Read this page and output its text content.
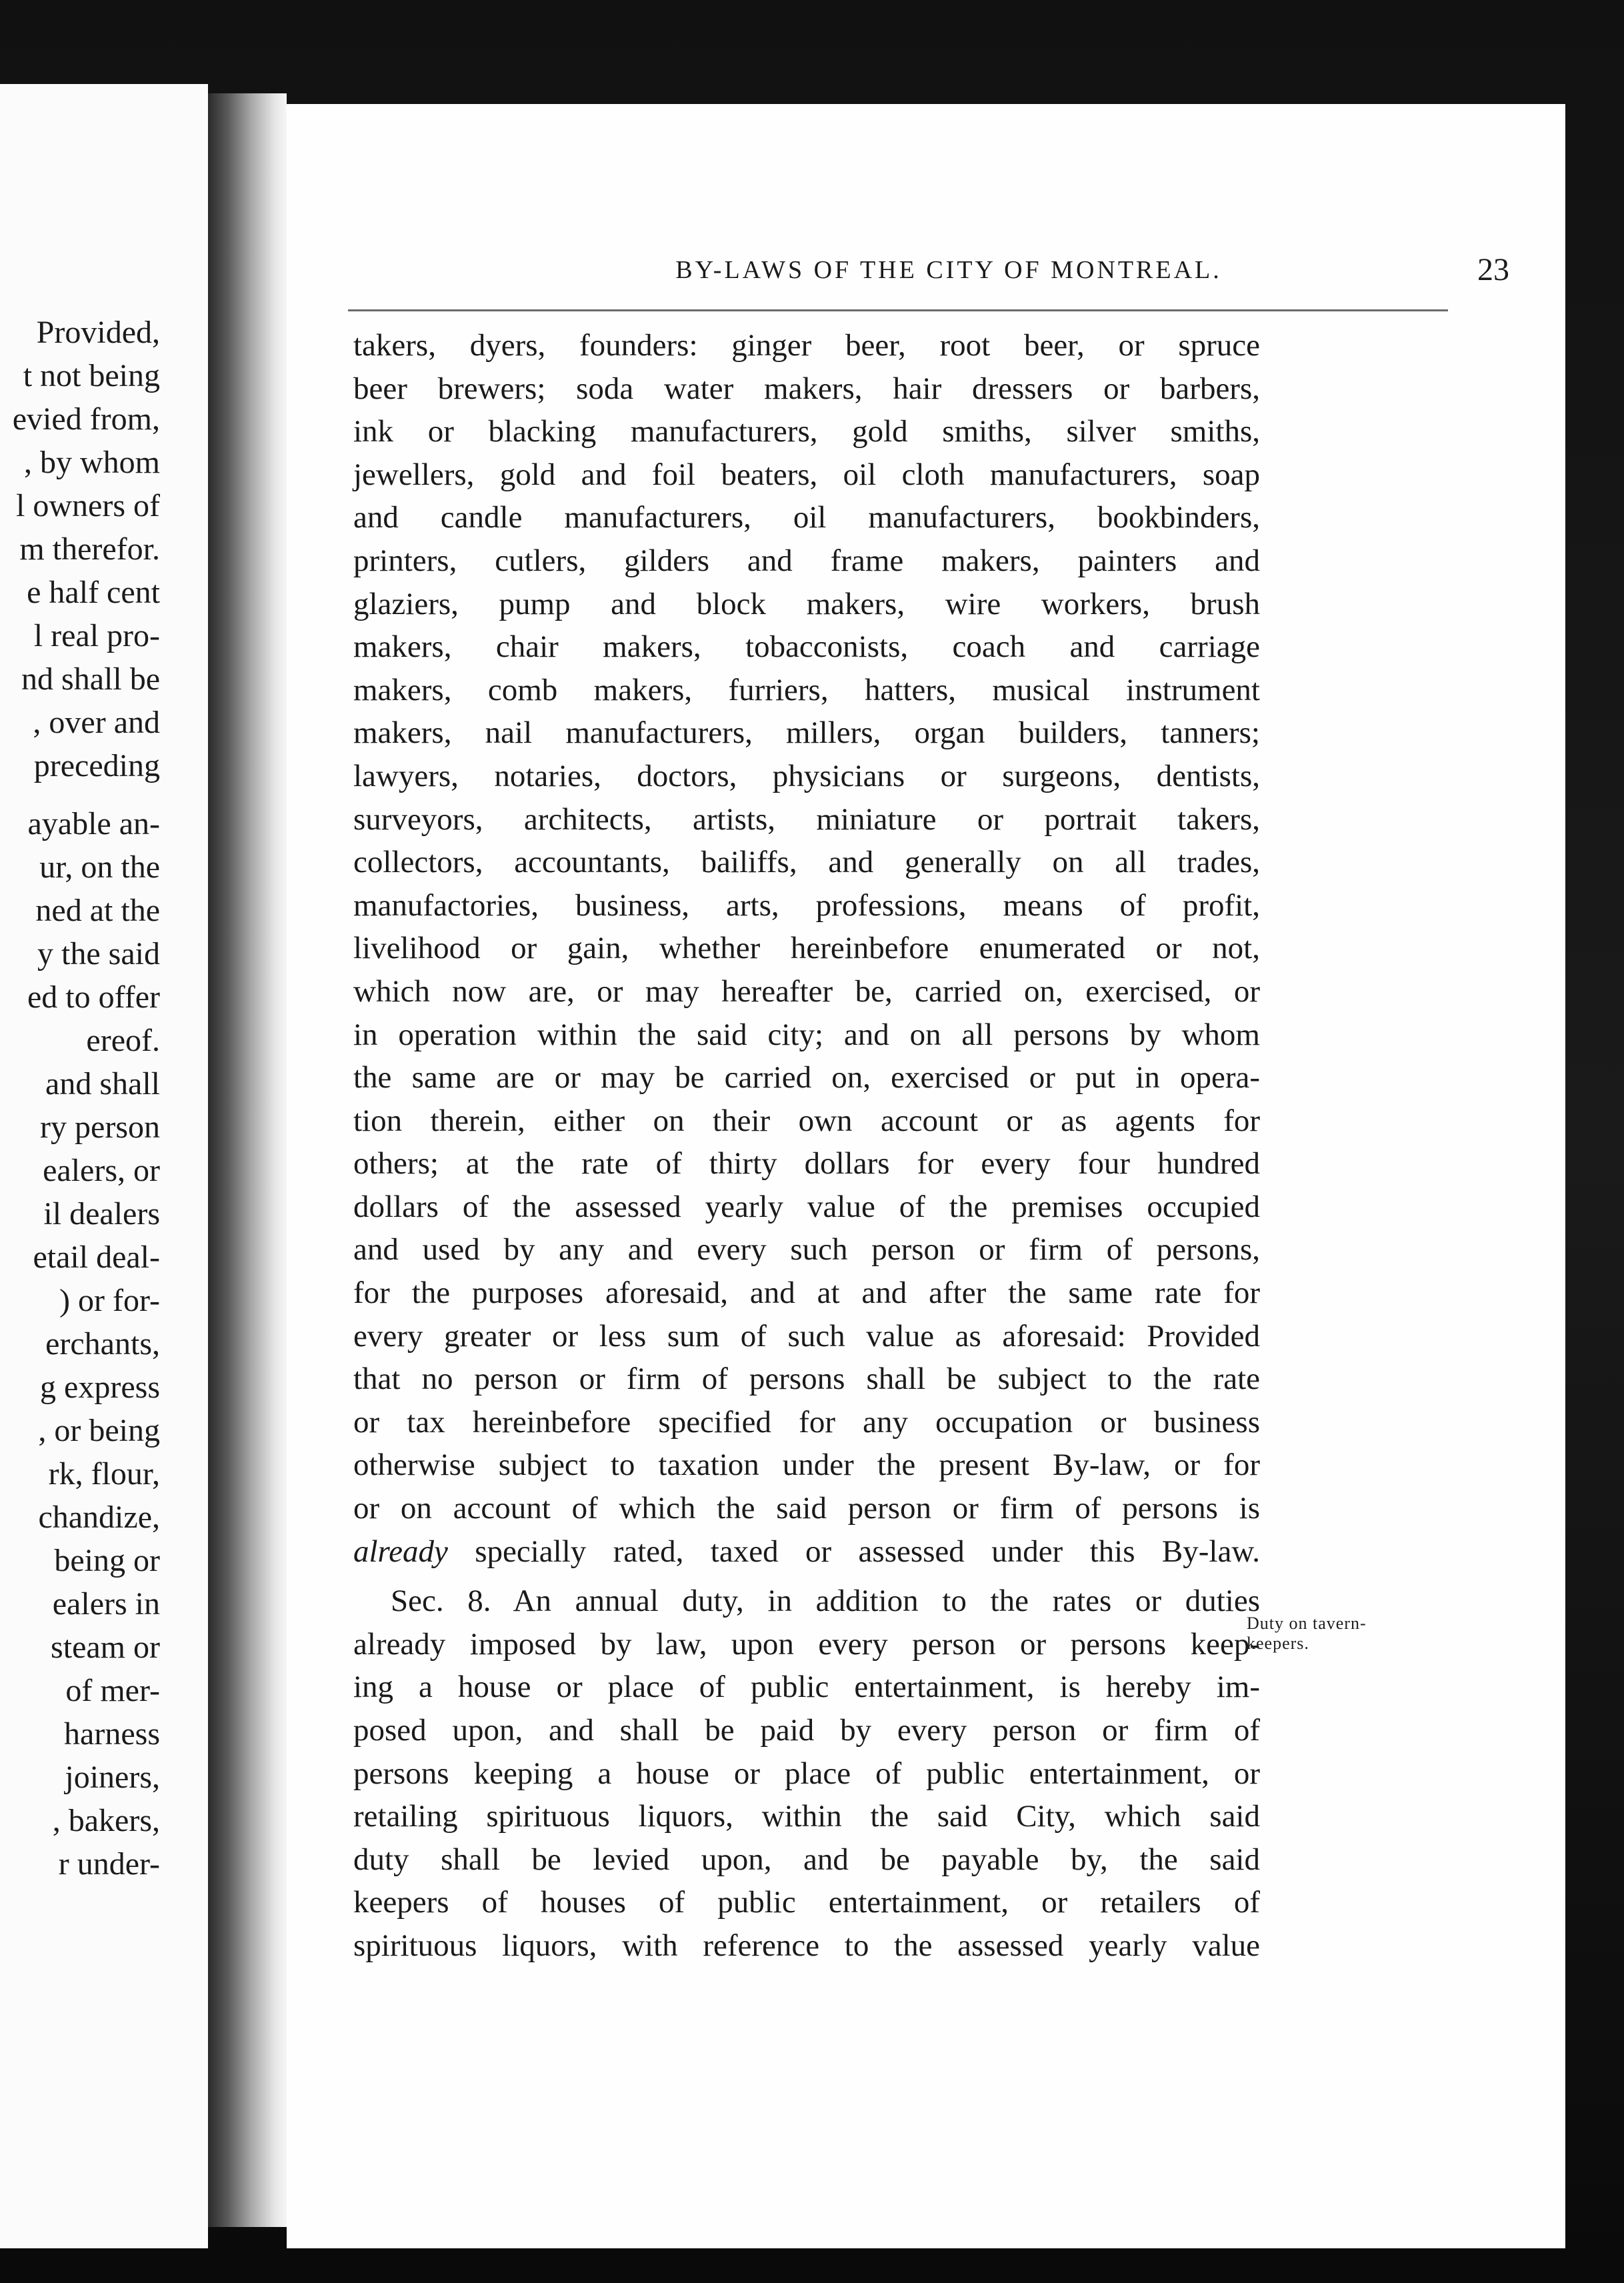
Provided,
t not being
evied from,
, by whom
l owners of
m therefor.
e half cent
l real pro-
nd shall be
, over and
preceding
ayable an-
ur, on the
ned at the
y the said
ed to offer
ereof.
and shall
ry person
ealers, or
il dealers
etail deal-
) or for-
erchants,
g express
, or being
rk, flour,
chandize,
being or
ealers in
steam or
of mer-
harness
joiners,
, bakers,
r under-
BY-LAWS OF THE CITY OF MONTREAL.	23
takers, dyers, founders: ginger beer, root beer, or spruce
beer brewers; soda water makers, hair dressers or barbers,
ink or blacking manufacturers, gold smiths, silver smiths,
jewellers, gold and foil beaters, oil cloth manufacturers, soap
and candle manufacturers, oil manufacturers, bookbinders,
printers, cutlers, gilders and frame makers, painters and
glaziers, pump and block makers, wire workers, brush
makers, chair makers, tobacconists, coach and carriage
makers, comb makers, furriers, hatters, musical instrument
makers, nail manufacturers, millers, organ builders, tanners;
lawyers, notaries, doctors, physicians or surgeons, dentists,
surveyors, architects, artists, miniature or portrait takers,
collectors, accountants, bailiffs, and generally on all trades,
manufactories, business, arts, professions, means of profit,
livelihood or gain, whether hereinbefore enumerated or not,
which now are, or may hereafter be, carried on, exercised, or
in operation within the said city; and on all persons by whom
the same are or may be carried on, exercised or put in opera-
tion therein, either on their own account or as agents for
others; at the rate of thirty dollars for every four hundred
dollars of the assessed yearly value of the premises occupied
and used by any and every such person or firm of persons,
for the purposes aforesaid, and at and after the same rate for
every greater or less sum of such value as aforesaid: Provided
that no person or firm of persons shall be subject to the rate
or tax hereinbefore specified for any occupation or business
otherwise subject to taxation under the present By-law, or for
or on account of which the said person or firm of persons is
already specially rated, taxed or assessed under this By-law.
Sec. 8. An annual duty, in addition to the rates or duties
already imposed by law, upon every person or persons keep-
ing a house or place of public entertainment, is hereby im-
posed upon, and shall be paid by every person or firm of
persons keeping a house or place of public entertainment, or
retailing spirituous liquors, within the said City, which said
duty shall be levied upon, and be payable by, the said
keepers of houses of public entertainment, or retailers of
spirituous liquors, with reference to the assessed yearly value
Duty on tavern-
keepers.
